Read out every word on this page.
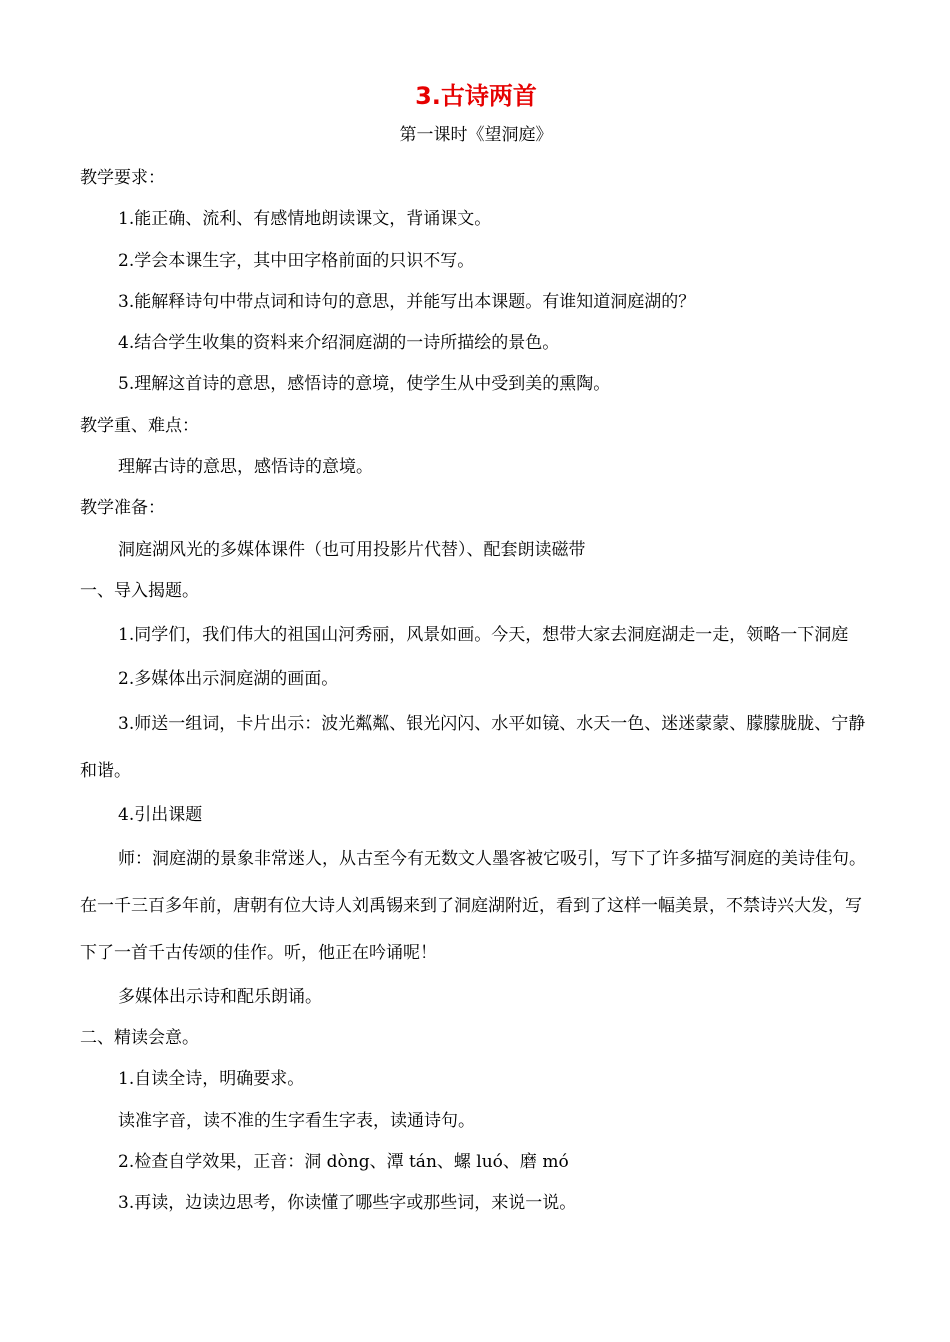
3.古诗两首
第一课时《望洞庭》

教学要求：

1.能正确、流利、有感情地朗读课文，背诵课文。

2.学会本课生字，其中田字格前面的只识不写。

3.能解释诗句中带点词和诗句的意思，并能写出本课题。有谁知道洞庭湖的？

4.结合学生收集的资料来介绍洞庭湖的一诗所描绘的景色。

5.理解这首诗的意思，感悟诗的意境，使学生从中受到美的熏陶。

教学重、难点：

理解古诗的意思，感悟诗的意境。

教学准备：

洞庭湖风光的多媒体课件（也可用投影片代替）、配套朗读磁带

一、导入揭题。

1.同学们，我们伟大的祖国山河秀丽，风景如画。今天，想带大家去洞庭湖走一走，领略一下洞庭

2.多媒体出示洞庭湖的画面。

3.师送一组词，卡片出示：波光粼粼、银光闪闪、水平如镜、水天一色、迷迷蒙蒙、朦朦胧胧、宁静和谐。

4.引出课题

师：洞庭湖的景象非常迷人，从古至今有无数文人墨客被它吸引，写下了许多描写洞庭的美诗佳句。在一千三百多年前，唐朝有位大诗人刘禹锡来到了洞庭湖附近，看到了这样一幅美景，不禁诗兴大发，写下了一首千古传颂的佳作。听，他正在吟诵呢！

多媒体出示诗和配乐朗诵。

二、精读会意。

1.自读全诗，明确要求。

读准字音，读不准的生字看生字表，读通诗句。

2.检查自学效果，正音：洞 dòng、潭 tán、螺 luó、磨 mó

3.再读，边读边思考，你读懂了哪些字或那些词，来说一说。
